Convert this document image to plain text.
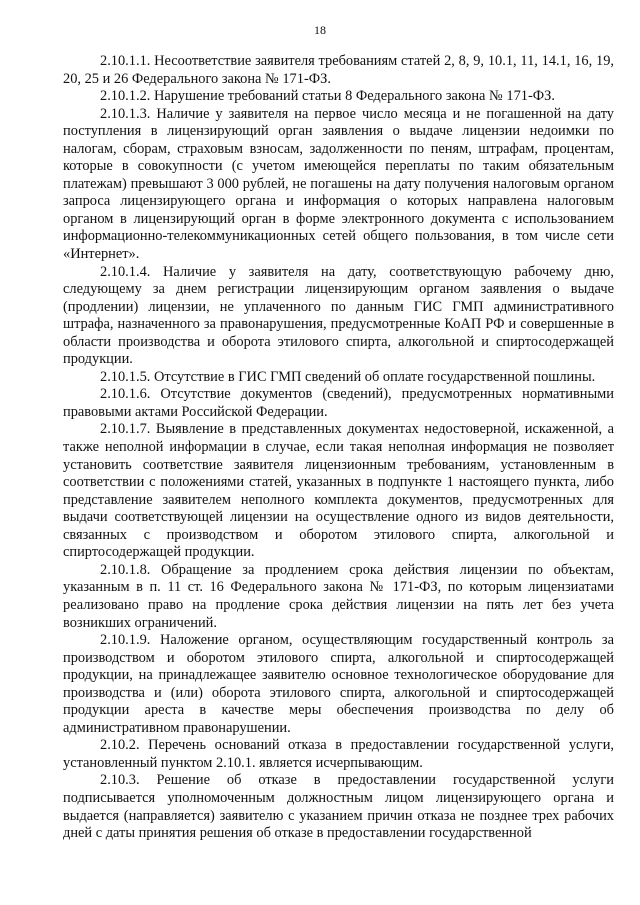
18

2.10.1.1. Несоответствие заявителя требованиям статей 2, 8, 9, 10.1, 11, 14.1, 16, 19, 20, 25 и 26 Федерального закона № 171-ФЗ.

2.10.1.2. Нарушение требований статьи 8 Федерального закона № 171-ФЗ.

2.10.1.3. Наличие у заявителя на первое число месяца и не погашенной на дату поступления в лицензирующий орган заявления о выдаче лицензии недоимки по налогам, сборам, страховым взносам, задолженности по пеням, штрафам, процентам, которые в совокупности (с учетом имеющейся переплаты по таким обязательным платежам) превышают 3 000 рублей, не погашены на дату получения налоговым органом запроса лицензирующего органа и информация о которых направлена налоговым органом в лицензирующий орган в форме электронного документа с использованием информационно-телекоммуникационных сетей общего пользования, в том числе сети «Интернет».

2.10.1.4. Наличие у заявителя на дату, соответствующую рабочему дню, следующему за днем регистрации лицензирующим органом заявления о выдаче (продлении) лицензии, не уплаченного по данным ГИС ГМП административного штрафа, назначенного за правонарушения, предусмотренные КоАП РФ и совершенные в области производства и оборота этилового спирта, алкогольной и спиртосодержащей продукции.

2.10.1.5. Отсутствие в ГИС ГМП сведений об оплате государственной пошлины.

2.10.1.6. Отсутствие документов (сведений), предусмотренных нормативными правовыми актами Российской Федерации.

2.10.1.7. Выявление в представленных документах недостоверной, искаженной, а также неполной информации в случае, если такая неполная информация не позволяет установить соответствие заявителя лицензионным требованиям, установленным в соответствии с положениями статей, указанных в подпункте 1 настоящего пункта, либо представление заявителем неполного комплекта документов, предусмотренных для выдачи соответствующей лицензии на осуществление одного из видов деятельности, связанных с производством и оборотом этилового спирта, алкогольной и спиртосодержащей продукции.

2.10.1.8. Обращение за продлением срока действия лицензии по объектам, указанным в п. 11 ст. 16 Федерального закона № 171-ФЗ, по которым лицензиатами реализовано право на продление срока действия лицензии на пять лет без учета возникших ограничений.

2.10.1.9. Наложение органом, осуществляющим государственный контроль за производством и оборотом этилового спирта, алкогольной и спиртосодержащей продукции, на принадлежащее заявителю основное технологическое оборудование для производства и (или) оборота этилового спирта, алкогольной и спиртосодержащей продукции ареста в качестве меры обеспечения производства по делу об административном правонарушении.

2.10.2. Перечень оснований отказа в предоставлении государственной услуги, установленный пунктом 2.10.1. является исчерпывающим.

2.10.3. Решение об отказе в предоставлении государственной услуги подписывается уполномоченным должностным лицом лицензирующего органа и выдается (направляется) заявителю с указанием причин отказа не позднее трех рабочих дней с даты принятия решения об отказе в предоставлении государственной
